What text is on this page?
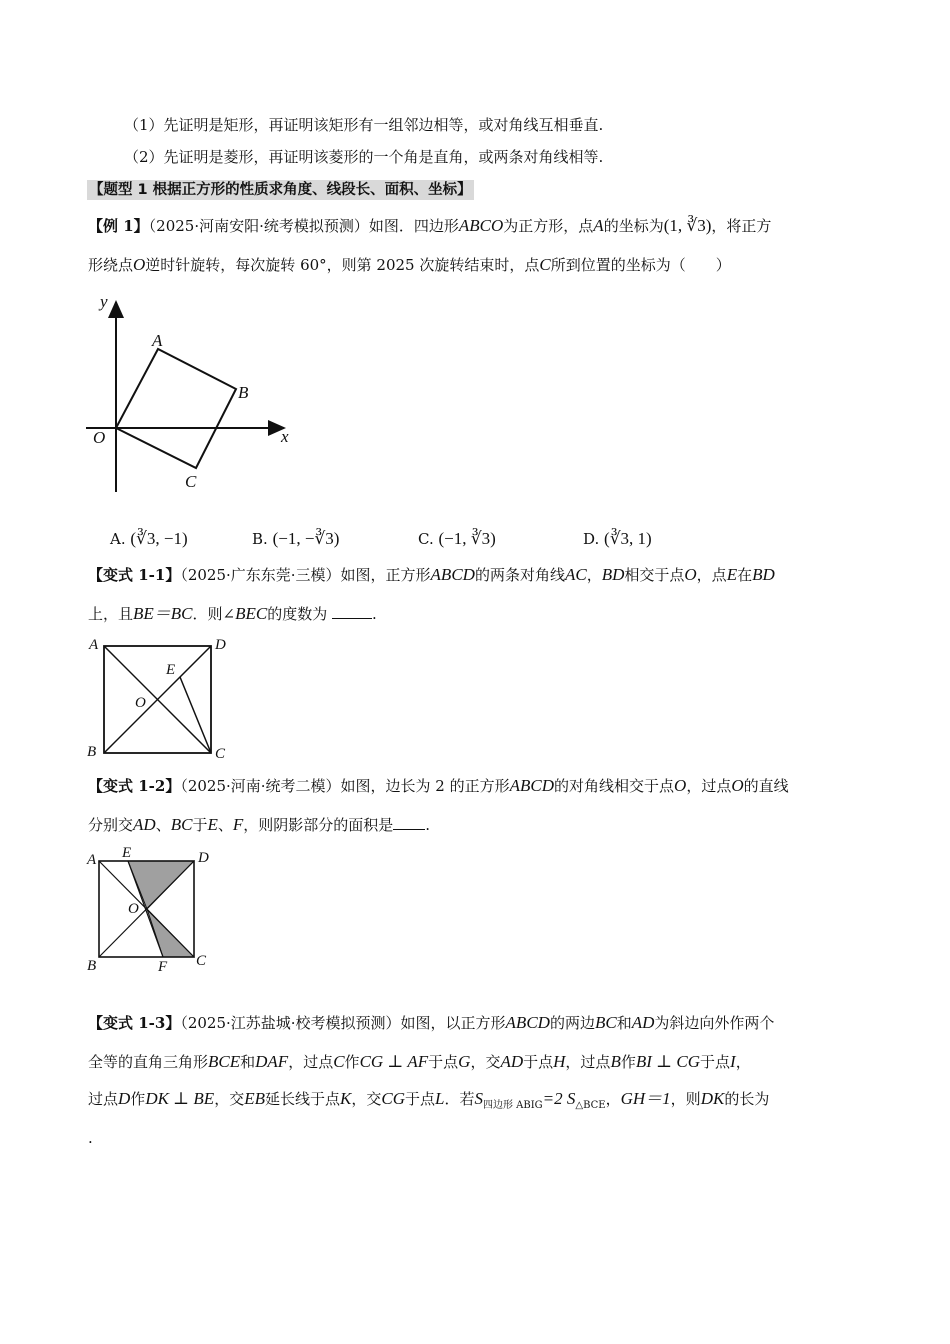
（1）先证明是矩形，再证明该矩形有一组邻边相等，或对角线互相垂直.
（2）先证明是菱形，再证明该菱形的一个角是直角，或两条对角线相等.
【题型 1 根据正方形的性质求角度、线段长、面积、坐标】
【例 1】（2025·河南安阳·统考模拟预测）如图．四边形ABCO为正方形，点A的坐标为(1, ∛3)，将正方
形绕点O逆时针旋转，每次旋转 60°，则第 2025 次旋转结束时，点C所到位置的坐标为（　　）
y
x
O
A
B
C
A. (∛3, −1)	B. (−1, −∛3)	C. (−1, ∛3)	D. (∛3, 1)
【变式 1-1】（2025·广东东莞·三模）如图，正方形ABCD的两条对角线AC，BD相交于点O，点E在BD
上，且BE＝BC．则∠BEC的度数为	.
A	D
E
O
B	C
【变式 1-2】（2025·河南·统考二模）如图，边长为 2 的正方形ABCD的对角线相交于点O，过点O的直线
分别交AD、BC于E、F，则阴影部分的面积是 .
A E	D
O
B	F C
【变式 1-3】（2025·江苏盐城·校考模拟预测）如图，以正方形ABCD的两边BC和AD为斜边向外作两个
全等的直角三角形BCE和DAF，过点C作CG ⊥ AF于点G，交AD于点H，过点B作BI ⊥ CG于点I，
过点D作DK ⊥ BE，交EB延长线于点K，交CG于点L．若$S_{四边形 ABIG}=2$ $S_{\triangle BCE}$，GH＝1，则DK的长为
.
